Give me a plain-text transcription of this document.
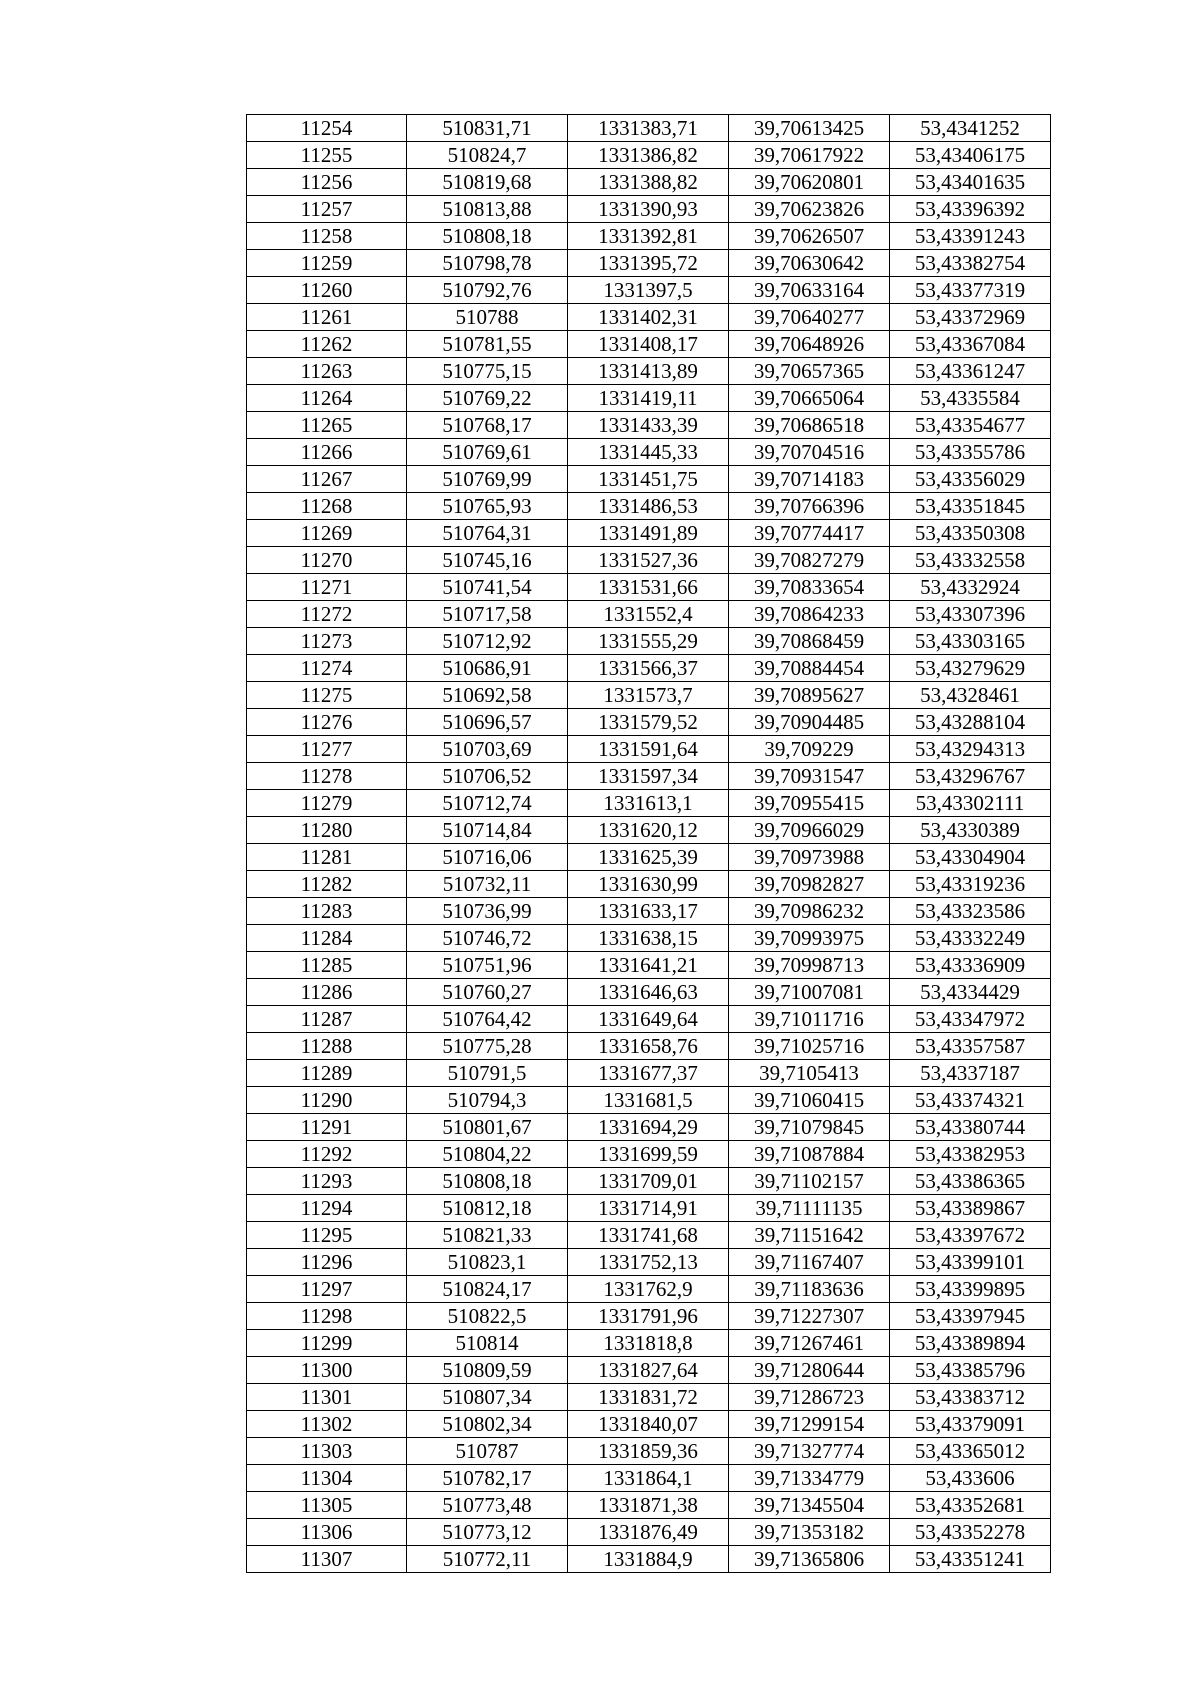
11254	510831,71	1331383,71	39,70613425	53,4341252
11255	510824,7	1331386,82	39,70617922	53,43406175
11256	510819,68	1331388,82	39,70620801	53,43401635
11257	510813,88	1331390,93	39,70623826	53,43396392
11258	510808,18	1331392,81	39,70626507	53,43391243
11259	510798,78	1331395,72	39,70630642	53,43382754
11260	510792,76	1331397,5	39,70633164	53,43377319
11261	510788	1331402,31	39,70640277	53,43372969
11262	510781,55	1331408,17	39,70648926	53,43367084
11263	510775,15	1331413,89	39,70657365	53,43361247
11264	510769,22	1331419,11	39,70665064	53,4335584
11265	510768,17	1331433,39	39,70686518	53,43354677
11266	510769,61	1331445,33	39,70704516	53,43355786
11267	510769,99	1331451,75	39,70714183	53,43356029
11268	510765,93	1331486,53	39,70766396	53,43351845
11269	510764,31	1331491,89	39,70774417	53,43350308
11270	510745,16	1331527,36	39,70827279	53,43332558
11271	510741,54	1331531,66	39,70833654	53,4332924
11272	510717,58	1331552,4	39,70864233	53,43307396
11273	510712,92	1331555,29	39,70868459	53,43303165
11274	510686,91	1331566,37	39,70884454	53,43279629
11275	510692,58	1331573,7	39,70895627	53,4328461
11276	510696,57	1331579,52	39,70904485	53,43288104
11277	510703,69	1331591,64	39,709229	53,43294313
11278	510706,52	1331597,34	39,70931547	53,43296767
11279	510712,74	1331613,1	39,70955415	53,43302111
11280	510714,84	1331620,12	39,70966029	53,4330389
11281	510716,06	1331625,39	39,70973988	53,43304904
11282	510732,11	1331630,99	39,70982827	53,43319236
11283	510736,99	1331633,17	39,70986232	53,43323586
11284	510746,72	1331638,15	39,70993975	53,43332249
11285	510751,96	1331641,21	39,70998713	53,43336909
11286	510760,27	1331646,63	39,71007081	53,4334429
11287	510764,42	1331649,64	39,71011716	53,43347972
11288	510775,28	1331658,76	39,71025716	53,43357587
11289	510791,5	1331677,37	39,7105413	53,4337187
11290	510794,3	1331681,5	39,71060415	53,43374321
11291	510801,67	1331694,29	39,71079845	53,43380744
11292	510804,22	1331699,59	39,71087884	53,43382953
11293	510808,18	1331709,01	39,71102157	53,43386365
11294	510812,18	1331714,91	39,71111135	53,43389867
11295	510821,33	1331741,68	39,71151642	53,43397672
11296	510823,1	1331752,13	39,71167407	53,43399101
11297	510824,17	1331762,9	39,71183636	53,43399895
11298	510822,5	1331791,96	39,71227307	53,43397945
11299	510814	1331818,8	39,71267461	53,43389894
11300	510809,59	1331827,64	39,71280644	53,43385796
11301	510807,34	1331831,72	39,71286723	53,43383712
11302	510802,34	1331840,07	39,71299154	53,43379091
11303	510787	1331859,36	39,71327774	53,43365012
11304	510782,17	1331864,1	39,71334779	53,433606
11305	510773,48	1331871,38	39,71345504	53,43352681
11306	510773,12	1331876,49	39,71353182	53,43352278
11307	510772,11	1331884,9	39,71365806	53,43351241
